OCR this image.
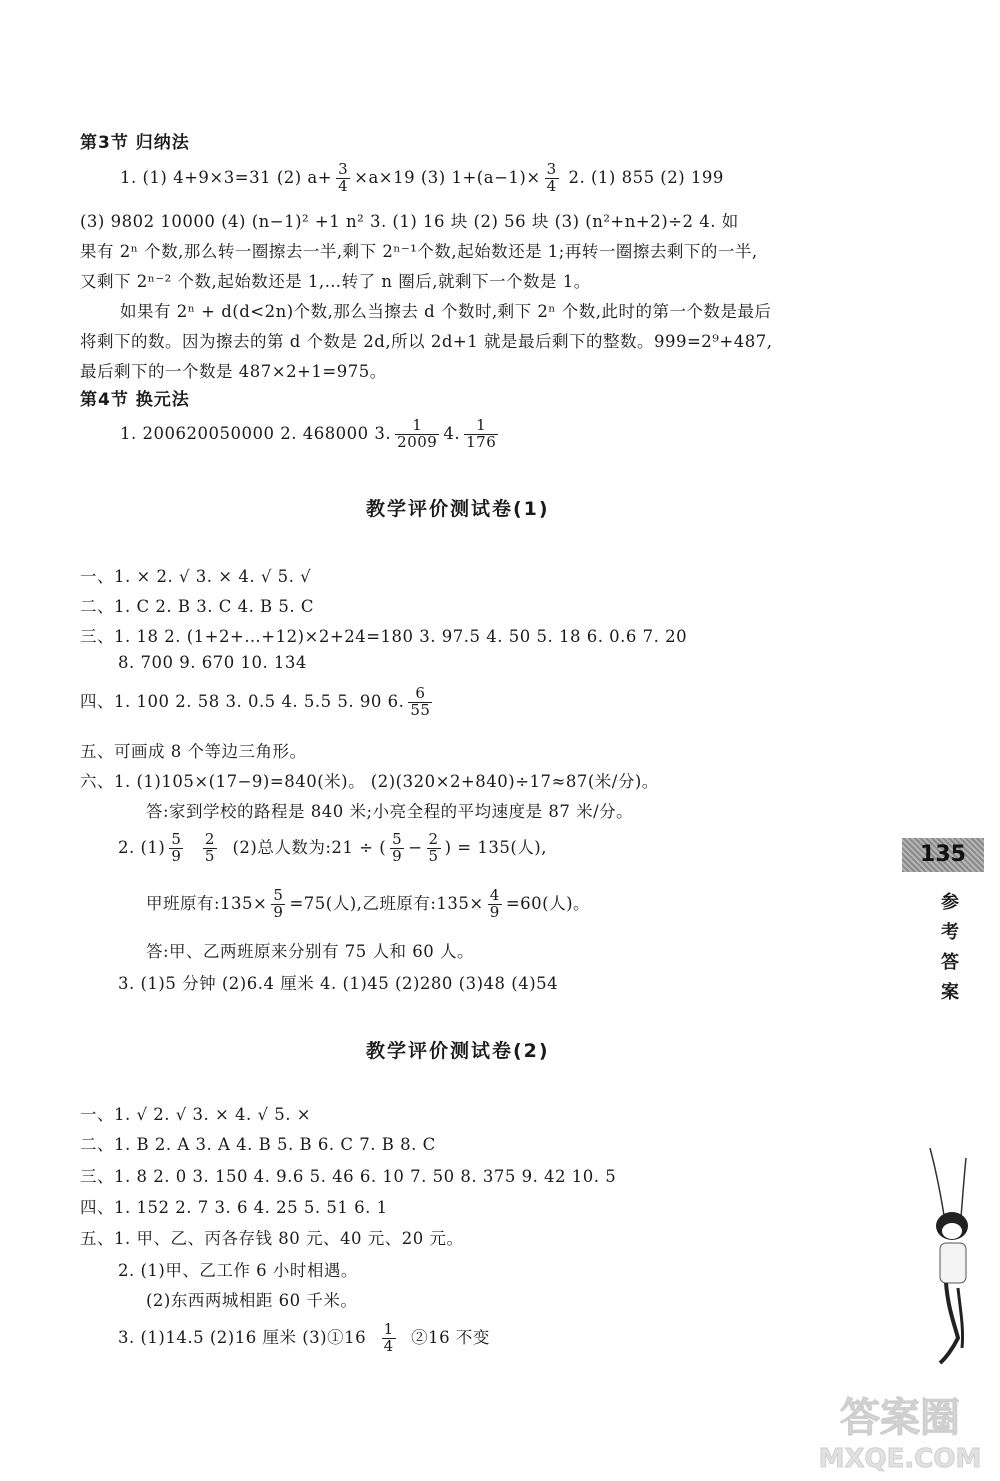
第3节 归纳法
1. (1) 4+9×3=31 (2) $a+ \frac{3}{4} \times a\times 19$ (3) $1+(a-1)\times \frac{3}{4} 2$. (1) 855 (2) 199
(3) 9802 10000 (4) (n−1)² +1 n² 3. (1) 16 块 (2) 56 块 (3) (n²+n+2)÷2 4. 如
果有 2ⁿ 个数,那么转一圈擦去一半,剩下 2ⁿ⁻¹个数,起始数还是 1;再转一圈擦去剩下的一半,
又剩下 2ⁿ⁻² 个数,起始数还是 1,…转了 n 圈后,就剩下一个数是 1。
如果有 2ⁿ + d(d<2n)个数,那么当擦去 d 个数时,剩下 2ⁿ 个数,此时的第一个数是最后
将剩下的数。因为擦去的第 d 个数是 2d,所以 2d+1 就是最后剩下的整数。999=2⁹+487,
最后剩下的一个数是 487×2+1=975。
第4节 换元法
1. 200620050000 2. 468000 3. $\frac{1}{2009} 4$. $\frac{1}{176}$
教学评价测试卷(1)
一、1. × 2. √ 3. × 4. √ 5. √
二、1. C 2. B 3. C 4. B 5. C
三、1. 18 2. (1+2+…+12)×2+24=180 3. 97.5 4. 50 5. 18 6. 0.6 7. 20
8. 700 9. 670 10. 134
四、1. 100 2. 58 3. 0.5 4. 5.5 5. 90 6. $\frac{6}{55}$
五、可画成 8 个等边三角形。
六、1. (1)105×(17−9)=840(米)。 (2)(320×2+840)÷17≈87(米/分)。
答:家到学校的路程是 840 米;小亮全程的平均速度是 87 米/分。
2. $(1) \frac{5}{9}$
$\frac{2}{5} (2)$总人数为:21 ÷ ( $\frac{5}{9} - \frac{2}{5}$ ) = 135(人),
甲班原有:135× $\frac{5}{9} =75$(人),乙班原有:135× $\frac{4}{9} =60$(人)。
答:甲、乙两班原来分别有 75 人和 60 人。
3. (1)5 分钟 (2)6.4 厘米 4. (1)45 (2)280 (3)48 (4)54
教学评价测试卷(2)
一、1. √ 2. √ 3. × 4. √ 5. ×
二、1. B 2. A 3. A 4. B 5. B 6. C 7. B 8. C
三、1. 8 2. 0 3. 150 4. 9.6 5. 46 6. 10 7. 50 8. 375 9. 42 10. 5
四、1. 152 2. 7 3. 6 4. 25 5. 51 6. 1
五、1. 甲、乙、丙各存钱 80 元、40 元、20 元。
2. (1)甲、乙工作 6 小时相遇。
(2)东西两城相距 60 千米。
3. (1)14.5 (2)16 厘米 (3)①16 $\frac{1}{4}$ ②16 不变
135
参
考
答
案
答案圈
MXQE.COM
